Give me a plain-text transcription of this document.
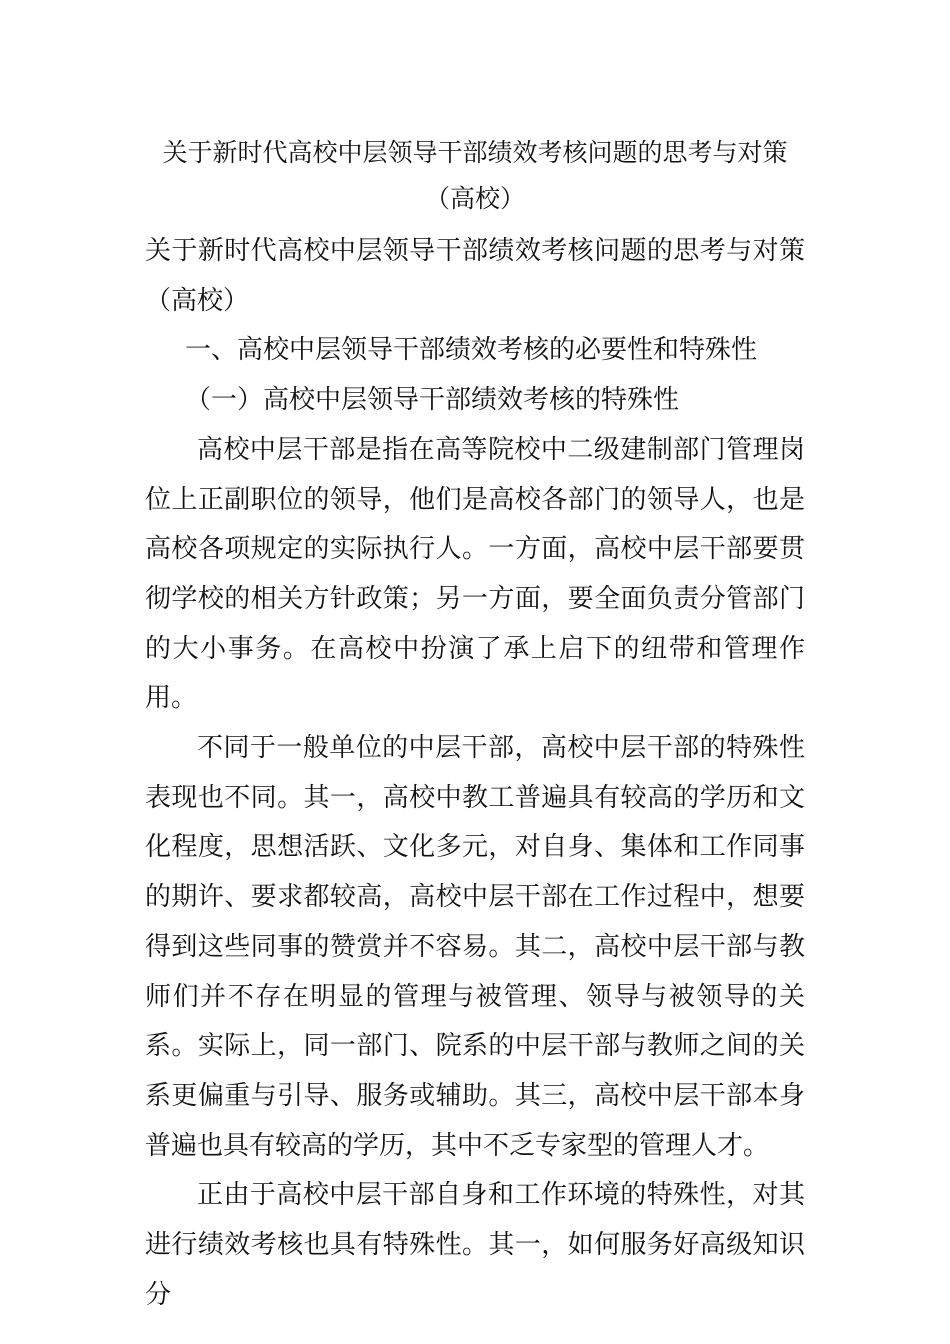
关于新时代高校中层领导干部绩效考核问题的思考与对策
（高校）

关于新时代高校中层领导干部绩效考核问题的思考与对策（高校）

一、高校中层领导干部绩效考核的必要性和特殊性

（一）高校中层领导干部绩效考核的特殊性

高校中层干部是指在高等院校中二级建制部门管理岗位上正副职位的领导，他们是高校各部门的领导人，也是高校各项规定的实际执行人。一方面，高校中层干部要贯彻学校的相关方针政策；另一方面，要全面负责分管部门的大小事务。在高校中扮演了承上启下的纽带和管理作用。

不同于一般单位的中层干部，高校中层干部的特殊性表现也不同。其一，高校中教工普遍具有较高的学历和文化程度，思想活跃、文化多元，对自身、集体和工作同事的期许、要求都较高，高校中层干部在工作过程中，想要得到这些同事的赞赏并不容易。其二，高校中层干部与教师们并不存在明显的管理与被管理、领导与被领导的关系。实际上，同一部门、院系的中层干部与教师之间的关系更偏重与引导、服务或辅助。其三，高校中层干部本身普遍也具有较高的学历，其中不乏专家型的管理人才。

正由于高校中层干部自身和工作环境的特殊性，对其进行绩效考核也具有特殊性。其一，如何服务好高级知识分
